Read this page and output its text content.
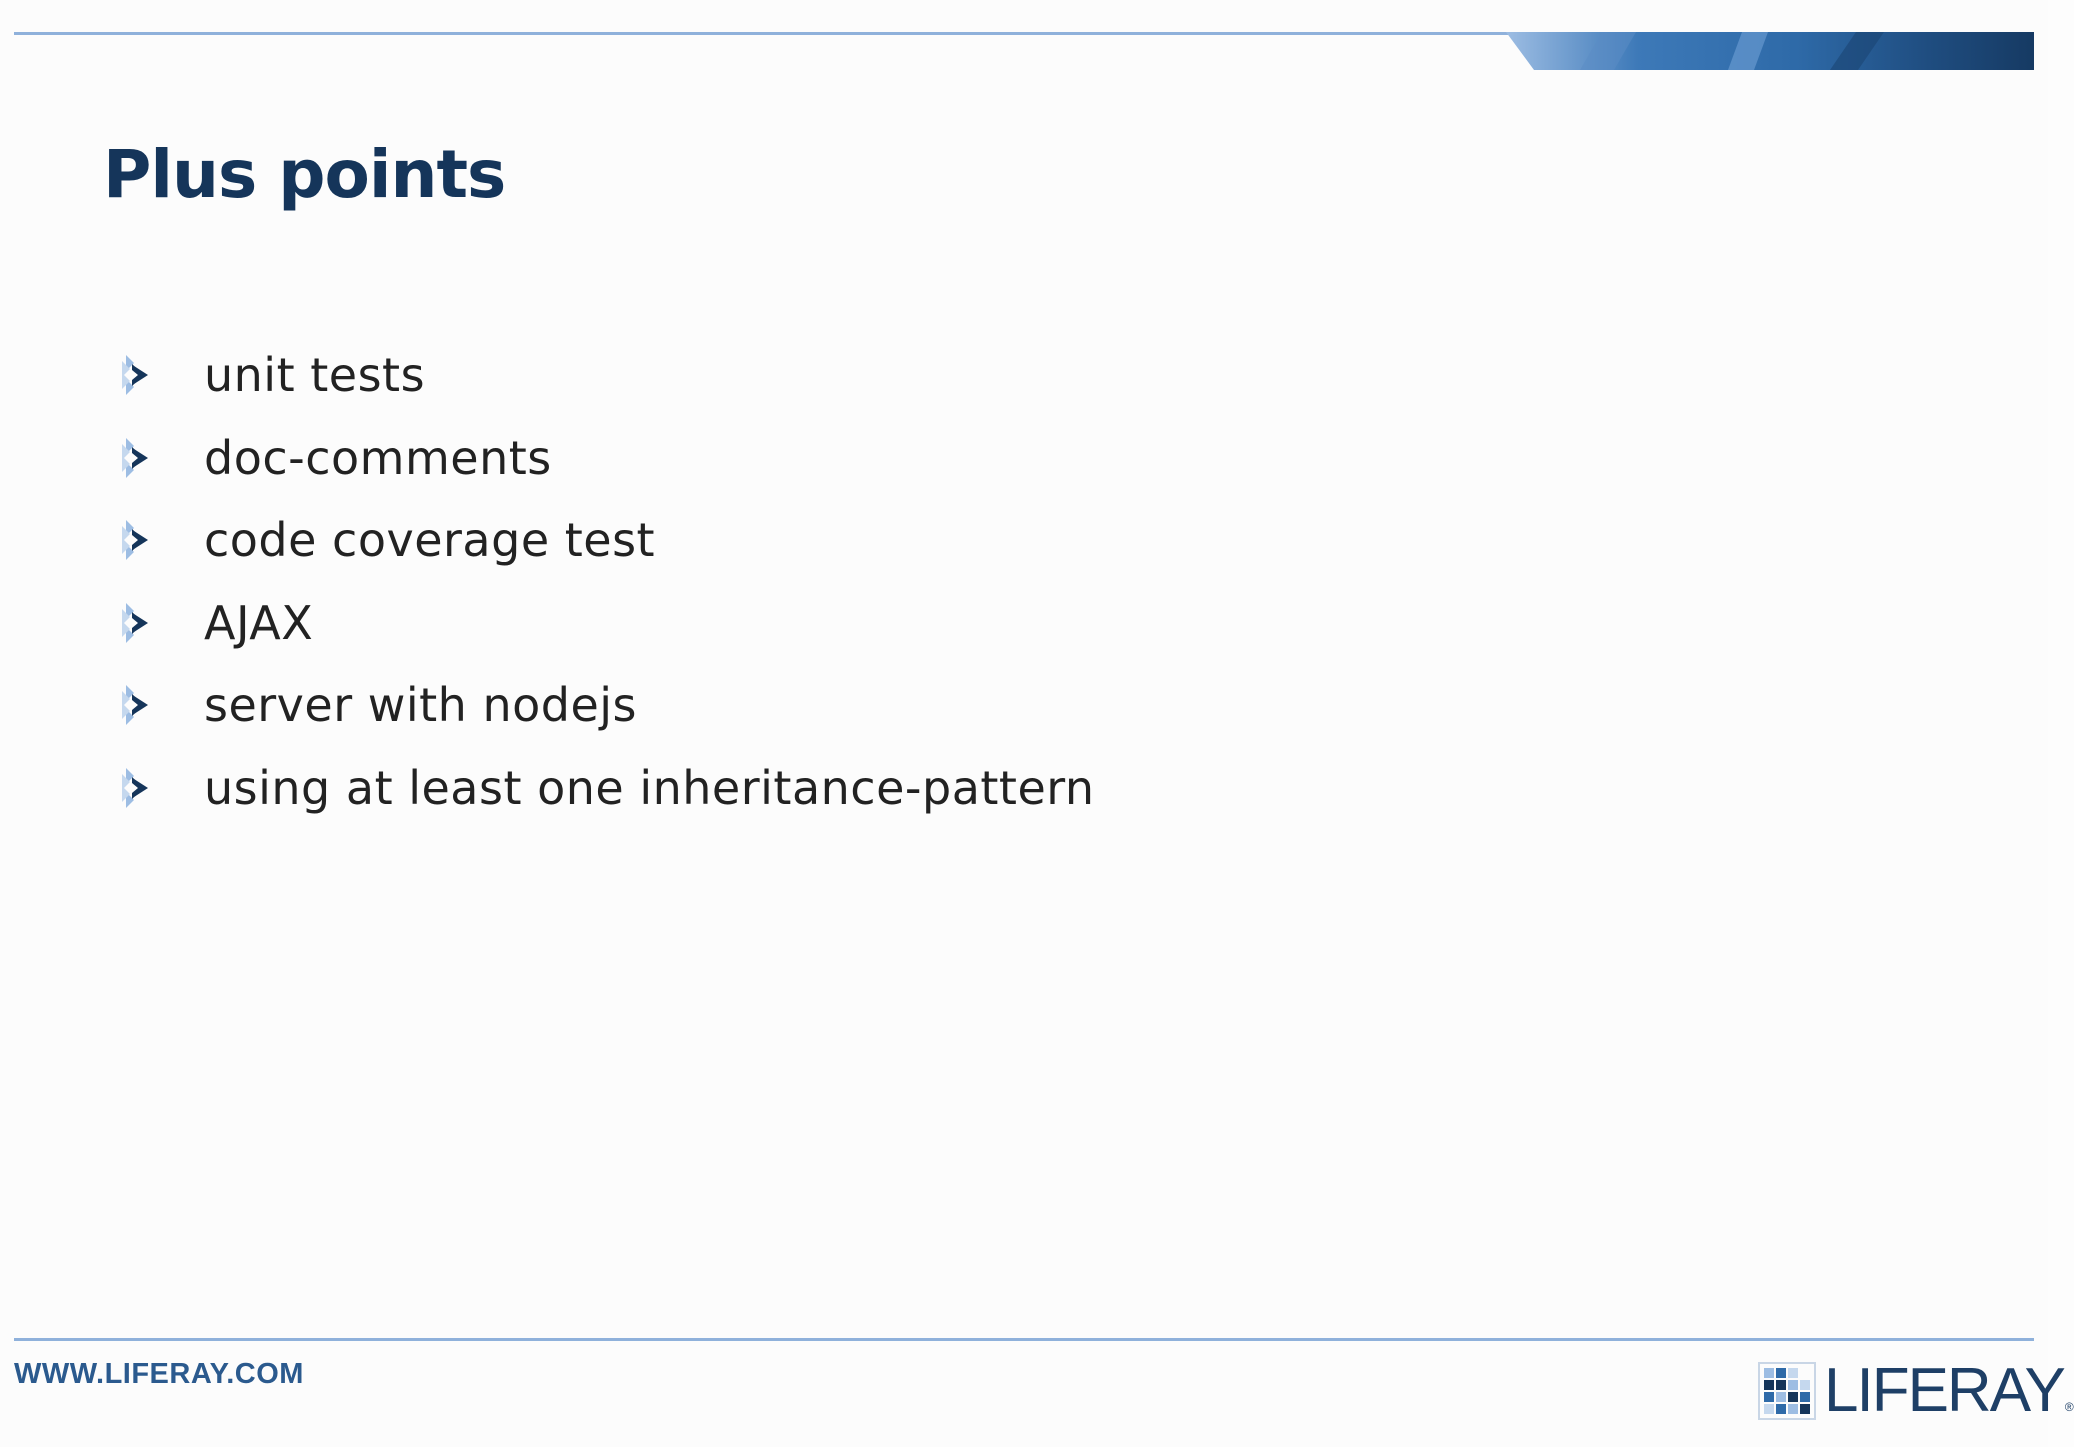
Plus points
unit tests
doc-comments
code coverage test
AJAX
server with nodejs
using at least one inheritance-pattern
WWW.LIFERAY.COM	LIFERAY ®
